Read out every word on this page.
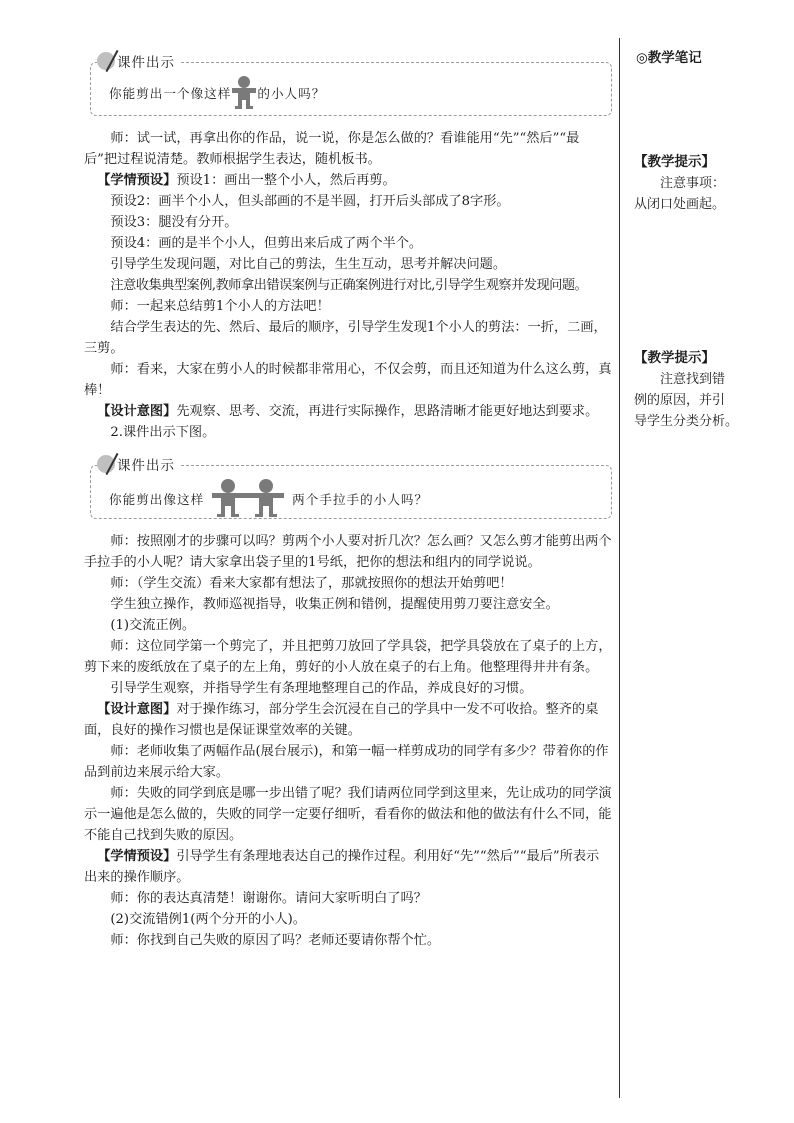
◎教学笔记
【教学提示】
注意事项：
从闭口处画起。
【教学提示】
注意找到错
例的原因，并引
导学生分类分析。
课件出示
你能剪出一个像这样 的小人吗？

师：试一试，再拿出你的作品，说一说，你是怎么做的？看谁能用“先”“然后”“最后”把过程说清楚。教师根据学生表达，随机板书。

【学情预设】预设1：画出一整个小人，然后再剪。

预设2：画半个小人，但头部画的不是半圆，打开后头部成了8字形。

预设3：腿没有分开。

预设4：画的是半个小人，但剪出来后成了两个半个。

引导学生发现问题，对比自己的剪法，生生互动，思考并解决问题。

注意收集典型案例,教师拿出错误案例与正确案例进行对比,引导学生观察并发现问题。

师：一起来总结剪1个小人的方法吧！

结合学生表达的先、然后、最后的顺序，引导学生发现1个小人的剪法：一折，二画，三剪。

师：看来，大家在剪小人的时候都非常用心，不仅会剪，而且还知道为什么这么剪，真棒！

【设计意图】先观察、思考、交流，再进行实际操作，思路清晰才能更好地达到要求。

2.课件出示下图。

课件出示
你能剪出像这样	两个手拉手的小人吗？

师：按照刚才的步骤可以吗？剪两个小人要对折几次？怎么画？又怎么剪才能剪出两个手拉手的小人呢？请大家拿出袋子里的1号纸，把你的想法和组内的同学说说。

师：（学生交流）看来大家都有想法了，那就按照你的想法开始剪吧！

学生独立操作，教师巡视指导，收集正例和错例，提醒使用剪刀要注意安全。

(1)交流正例。

师：这位同学第一个剪完了，并且把剪刀放回了学具袋，把学具袋放在了桌子的上方，剪下来的废纸放在了桌子的左上角，剪好的小人放在桌子的右上角。他整理得井井有条。

引导学生观察，并指导学生有条理地整理自己的作品，养成良好的习惯。

【设计意图】对于操作练习，部分学生会沉浸在自己的学具中一发不可收拾。整齐的桌面，良好的操作习惯也是保证课堂效率的关键。

师：老师收集了两幅作品(展台展示)，和第一幅一样剪成功的同学有多少？带着你的作品到前边来展示给大家。

师：失败的同学到底是哪一步出错了呢？我们请两位同学到这里来，先让成功的同学演示一遍他是怎么做的，失败的同学一定要仔细听，看看你的做法和他的做法有什么不同，能不能自己找到失败的原因。

【学情预设】引导学生有条理地表达自己的操作过程。利用好“先”“然后”“最后”所表示出来的操作顺序。

师：你的表达真清楚！谢谢你。请问大家听明白了吗？

(2)交流错例1(两个分开的小人)。

师：你找到自己失败的原因了吗？老师还要请你帮个忙。
